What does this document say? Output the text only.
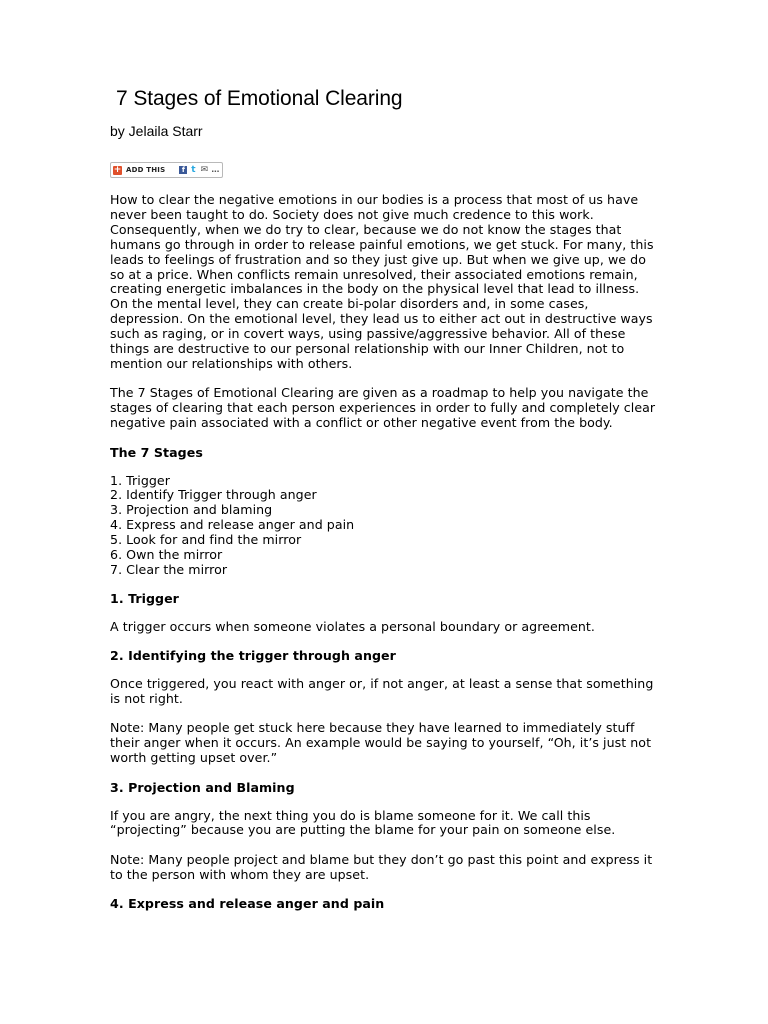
7 Stages of Emotional Clearing
by Jelaila Starr
+ ADD THIS	f t ✉ …

How to clear the negative emotions in our bodies is a process that most of us have never been taught to do. Society does not give much credence to this work. Consequently, when we do try to clear, because we do not know the stages that humans go through in order to release painful emotions, we get stuck. For many, this leads to feelings of frustration and so they just give up. But when we give up, we do so at a price. When conflicts remain unresolved, their associated emotions remain, creating energetic imbalances in the body on the physical level that lead to illness. On the mental level, they can create bi-polar disorders and, in some cases, depression. On the emotional level, they lead us to either act out in destructive ways such as raging, or in covert ways, using passive/aggressive behavior. All of these things are destructive to our personal relationship with our Inner Children, not to mention our relationships with others.

The 7 Stages of Emotional Clearing are given as a roadmap to help you navigate the stages of clearing that each person experiences in order to fully and completely clear negative pain associated with a conflict or other negative event from the body.

The 7 Stages
1. Trigger
2. Identify Trigger through anger
3. Projection and blaming
4. Express and release anger and pain
5. Look for and find the mirror
6. Own the mirror
7. Clear the mirror
1. Trigger

A trigger occurs when someone violates a personal boundary or agreement.

2. Identifying the trigger through anger

Once triggered, you react with anger or, if not anger, at least a sense that something is not right.

Note: Many people get stuck here because they have learned to immediately stuff their anger when it occurs. An example would be saying to yourself, “Oh, it’s just not worth getting upset over.”

3. Projection and Blaming

If you are angry, the next thing you do is blame someone for it. We call this “projecting” because you are putting the blame for your pain on someone else.

Note: Many people project and blame but they don’t go past this point and express it to the person with whom they are upset.

4. Express and release anger and pain
